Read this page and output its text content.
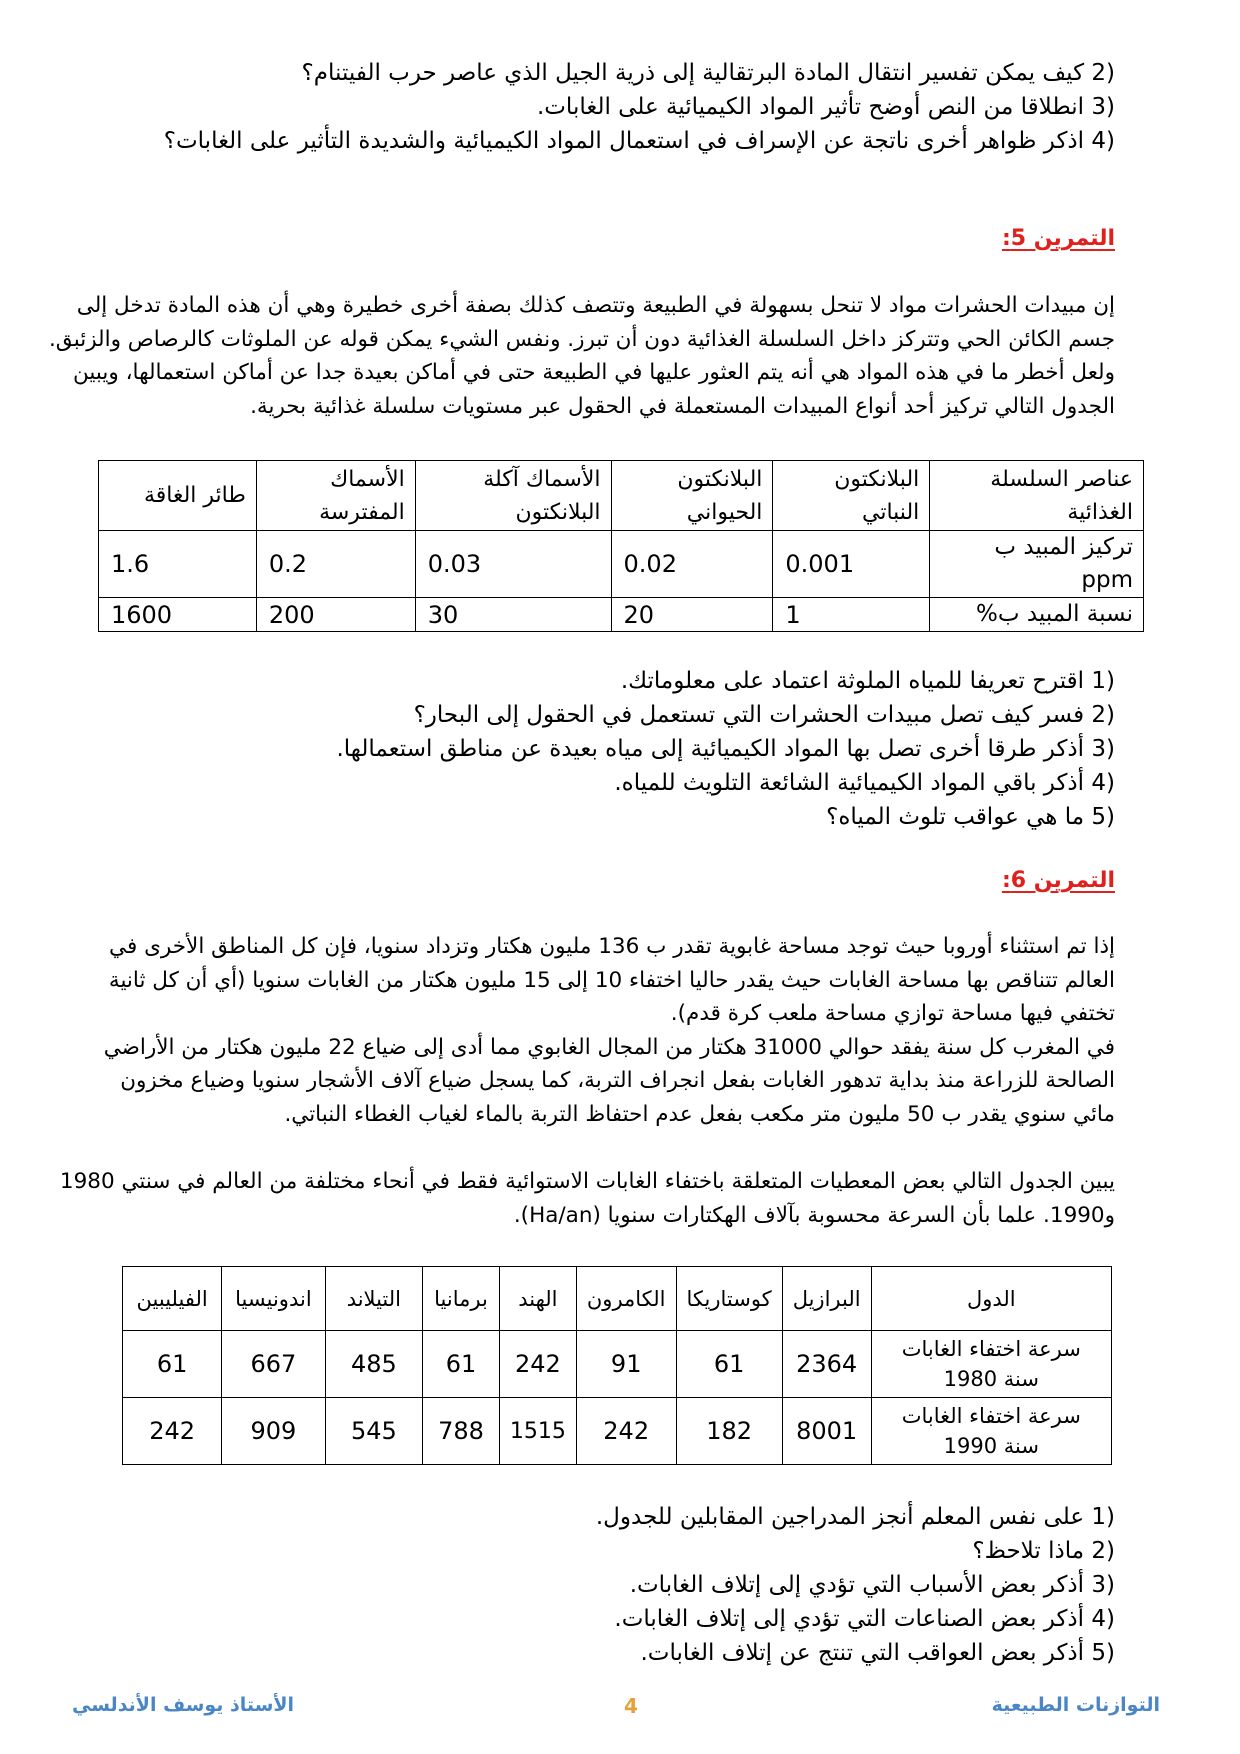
(2 كيف يمكن تفسير انتقال المادة البرتقالية إلى ذرية الجيل الذي عاصر حرب الفيتنام؟
(3 انطلاقا من النص أوضح تأثير المواد الكيميائية على الغابات.
(4 اذكر ظواهر أخرى ناتجة عن الإسراف في استعمال المواد الكيميائية والشديدة التأثير على الغابات؟
التمرين 5:
إن مبيدات الحشرات مواد لا تنحل بسهولة في الطبيعة وتتصف كذلك بصفة أخرى خطيرة وهي أن هذه المادة تدخل إلى
جسم الكائن الحي وتتركز داخل السلسلة الغذائية دون أن تبرز. ونفس الشيء يمكن قوله عن الملوثات كالرصاص والزئبق.
ولعل أخطر ما في هذه المواد هي أنه يتم العثور عليها في الطبيعة حتى في أماكن بعيدة جدا عن أماكن استعمالها، ويبين
الجدول التالي تركيز أحد أنواع المبيدات المستعملة في الحقول عبر مستويات سلسلة غذائية بحرية.
عناصر السلسلة الغذائية	البلانكتون النباتي	البلانكتون الحيواني	الأسماك آكلة البلانكتون	الأسماك المفترسة	طائر الغاقة
تركيز المبيد ب ppm	0.001	0.02	0.03	0.2	1.6
نسبة المبيد ب%	1	20	30	200	1600
(1 اقترح تعريفا للمياه الملوثة اعتماد على معلوماتك.
(2 فسر كيف تصل مبيدات الحشرات التي تستعمل في الحقول إلى البحار؟
(3 أذكر طرقا أخرى تصل بها المواد الكيميائية إلى مياه بعيدة عن مناطق استعمالها.
(4 أذكر باقي المواد الكيميائية الشائعة التلويث للمياه.
(5 ما هي عواقب تلوث المياه؟
التمرين 6:
إذا تم استثناء أوروبا حيث توجد مساحة غابوية تقدر ب 136 مليون هكتار وتزداد سنويا، فإن كل المناطق الأخرى في
العالم تتناقص بها مساحة الغابات حيث يقدر حاليا اختفاء 10 إلى 15 مليون هكتار من الغابات سنويا (أي أن كل ثانية
تختفي فيها مساحة توازي مساحة ملعب كرة قدم).
في المغرب كل سنة يفقد حوالي 31000 هكتار من المجال الغابوي مما أدى إلى ضياع 22 مليون هكتار من الأراضي
الصالحة للزراعة منذ بداية تدهور الغابات بفعل انجراف التربة، كما يسجل ضياع آلاف الأشجار سنويا وضياع مخزون
مائي سنوي يقدر ب 50 مليون متر مكعب بفعل عدم احتفاظ التربة بالماء لغياب الغطاء النباتي.
يبين الجدول التالي بعض المعطيات المتعلقة باختفاء الغابات الاستوائية فقط في أنحاء مختلفة من العالم في سنتي 1980
و1990. علما بأن السرعة محسوبة بآلاف الهكتارات سنويا (Ha/an).
الدول	البرازيل	كوستاريكا	الكامرون	الهند	برمانيا	التيلاند	اندونيسيا	الفيليبين
سرعة اختفاء الغابات سنة 1980	2364	61	91	242	61	485	667	61
سرعة اختفاء الغابات سنة 1990	8001	182	242	1515	788	545	909	242
(1 على نفس المعلم أنجز المدراجين المقابلين للجدول.
(2 ماذا تلاحظ؟
(3 أذكر بعض الأسباب التي تؤدي إلى إتلاف الغابات.
(4 أذكر بعض الصناعات التي تؤدي إلى إتلاف الغابات.
(5 أذكر بعض العواقب التي تنتج عن إتلاف الغابات.
التوازنات الطبيعية
4
الأستاذ يوسف الأندلسي
